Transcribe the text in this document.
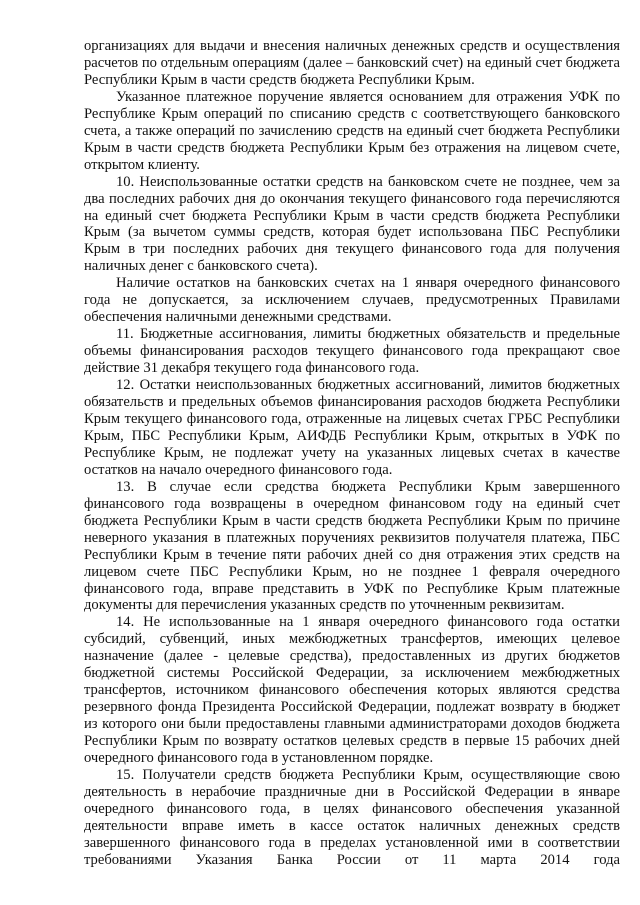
организациях для выдачи и внесения наличных денежных средств и осуществления расчетов по отдельным операциям (далее – банковский счет) на единый счет бюджета Республики Крым в части средств бюджета Республики Крым.

Указанное платежное поручение является основанием для отражения УФК по Республике Крым операций по списанию средств с соответствующего банковского счета, а также операций по зачислению средств на единый счет бюджета Республики Крым в части средств бюджета Республики Крым без отражения на лицевом счете, открытом клиенту.

10. Неиспользованные остатки средств на банковском счете не позднее, чем за два последних рабочих дня до окончания текущего финансового года перечисляются на единый счет бюджета Республики Крым в части средств бюджета Республики Крым (за вычетом суммы средств, которая будет использована ПБС Республики Крым в три последних рабочих дня текущего финансового года для получения наличных денег с банковского счета).

Наличие остатков на банковских счетах на 1 января очередного финансового года не допускается, за исключением случаев, предусмотренных Правилами обеспечения наличными денежными средствами.

11. Бюджетные ассигнования, лимиты бюджетных обязательств и предельные объемы финансирования расходов текущего финансового года прекращают свое действие 31 декабря текущего года финансового года.

12. Остатки неиспользованных бюджетных ассигнований, лимитов бюджетных обязательств и предельных объемов финансирования расходов бюджета Республики Крым текущего финансового года, отраженные на лицевых счетах ГРБС Республики Крым, ПБС Республики Крым, АИФДБ Республики Крым, открытых в УФК по Республике Крым, не подлежат учету на указанных лицевых счетах в качестве остатков на начало очередного финансового года.

13. В случае если средства бюджета Республики Крым завершенного финансового года возвращены в очередном финансовом году на единый счет бюджета Республики Крым в части средств бюджета Республики Крым по причине неверного указания в платежных поручениях реквизитов получателя платежа, ПБС Республики Крым в течение пяти рабочих дней со дня отражения этих средств на лицевом счете ПБС Республики Крым, но не позднее 1 февраля очередного финансового года, вправе представить в УФК по Республике Крым платежные документы для перечисления указанных средств по уточненным реквизитам.

14. Не использованные на 1 января очередного финансового года остатки субсидий, субвенций, иных межбюджетных трансфертов, имеющих целевое назначение (далее - целевые средства), предоставленных из других бюджетов бюджетной системы Российской Федерации, за исключением межбюджетных трансфертов, источником финансового обеспечения которых являются средства резервного фонда Президента Российской Федерации, подлежат возврату в бюджет из которого они были предоставлены главными администраторами доходов бюджета Республики Крым по возврату остатков целевых средств в первые 15 рабочих дней очередного финансового года в установленном порядке.

15. Получатели средств бюджета Республики Крым, осуществляющие свою деятельность в нерабочие праздничные дни в Российской Федерации в январе очередного финансового года, в целях финансового обеспечения указанной деятельности вправе иметь в кассе остаток наличных денежных средств завершенного финансового года в пределах установленной ими в соответствии требованиями Указания Банка России от 11 марта 2014 года
